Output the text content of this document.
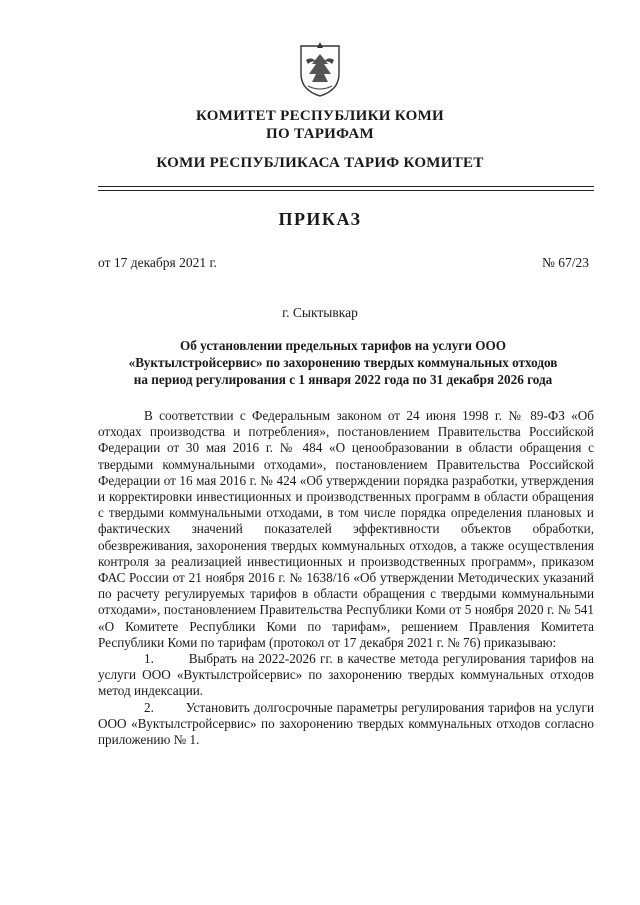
КОМИТЕТ РЕСПУБЛИКИ КОМИ
ПО ТАРИФАМ
КОМИ РЕСПУБЛИКАСА ТАРИФ КОМИТЕТ
ПРИКАЗ
от 17 декабря 2021 г.	№ 67/23
г. Сыктывкар
Об установлении предельных тарифов на услуги ООО
«Вуктылстройсервис» по захоронению твердых коммунальных отходов
на период регулирования с 1 января 2022 года по 31 декабря 2026 года

В соответствии с Федеральным законом от 24 июня 1998 г. № 89-ФЗ «Об отходах производства и потребления», постановлением Правительства Российской Федерации от 30 мая 2016 г. № 484 «О ценообразовании в области обращения с твердыми коммунальными отходами», постановлением Правительства Российской Федерации от 16 мая 2016 г. № 424 «Об утверждении порядка разработки, утверждения и корректировки инвестиционных и производственных программ в области обращения с твердыми коммунальными отходами, в том числе порядка определения плановых и фактических значений показателей эффективности объектов обработки, обезвреживания, захоронения твердых коммунальных отходов, а также осуществления контроля за реализацией инвестиционных и производственных программ», приказом ФАС России от 21 ноября 2016 г. № 1638/16 «Об утверждении Методических указаний по расчету регулируемых тарифов в области обращения с твердыми коммунальными отходами», постановлением Правительства Республики Коми от 5 ноября 2020 г. № 541 «О Комитете Республики Коми по тарифам», решением Правления Комитета Республики Коми по тарифам (протокол от 17 декабря 2021 г. № 76) приказываю:

1.	Выбрать на 2022-2026 гг. в качестве метода регулирования тарифов на услуги ООО «Вуктылстройсервис» по захоронению твердых коммунальных отходов метод индексации.

2. Установить долгосрочные параметры регулирования тарифов на услуги ООО «Вуктылстройсервис» по захоронению твердых коммунальных отходов согласно приложению № 1.
